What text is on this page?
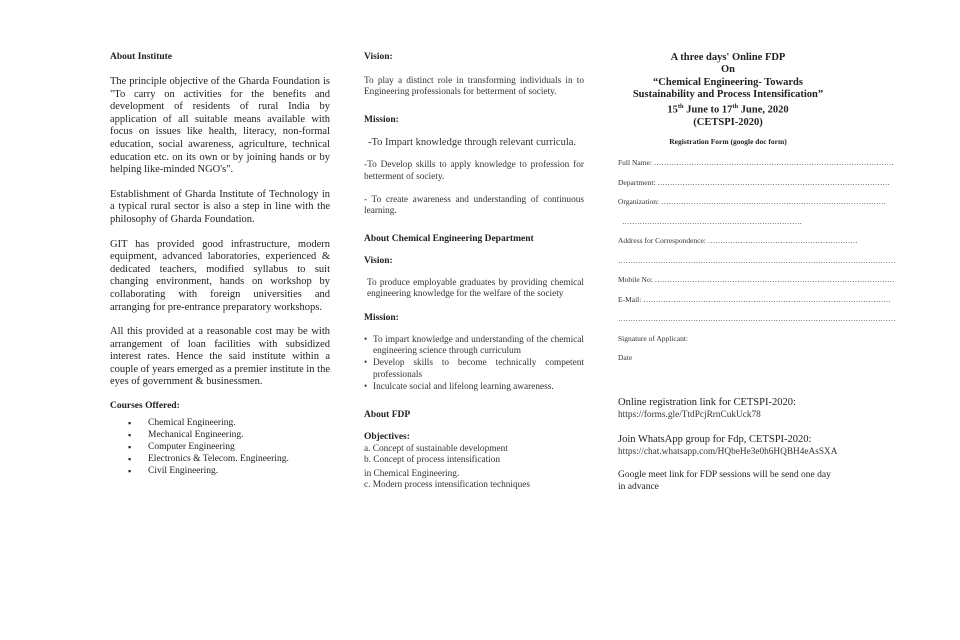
About Institute
The principle objective of the Gharda Foundation is "To carry on activities for the benefits and development of residents of rural India by application of all suitable means available with focus on issues like health, literacy, non-formal education, social awareness, agriculture, technical education etc. on its own or by joining hands or by helping like-minded NGO's".
Establishment of Gharda Institute of Technology in a typical rural sector is also a step in line with the philosophy of Gharda Foundation.
GIT has provided good infrastructure, modern equipment, advanced laboratories, experienced & dedicated teachers, modified syllabus to suit changing environment, hands on workshop by collaborating with foreign universities and arranging for pre-entrance preparatory workshops.
All this provided at a reasonable cost may be with arrangement of loan facilities with subsidized interest rates. Hence the said institute within a couple of years emerged as a premier institute in the eyes of government & businessmen.
Courses Offered:
▪ Chemical Engineering.
▪ Mechanical Engineering.
▪ Computer Engineering
▪ Electronics & Telecom. Engineering.
▪ Civil Engineering.
Vision:
To play a distinct role in transforming individuals in to Engineering professionals for betterment of society.
Mission:
-To Impart knowledge through relevant curricula.
-To Develop skills to apply knowledge to profession for betterment of society.
- To create awareness and understanding of continuous learning.
About Chemical Engineering Department
Vision:
To produce employable graduates by providing chemical engineering knowledge for the welfare of the society
Mission:
• To impart knowledge and understanding of the chemical engineering science through curriculum
• Develop skills to become technically competent professionals
• Inculcate social and lifelong learning awareness.
About FDP
Objectives:
a. Concept of sustainable development
b. Concept of process intensification
in Chemical Engineering.
c. Modern process intensification techniques
A three days' Online FDP
On
“Chemical Engineering- Towards
Sustainability and Process Intensification”
15th June to 17th June, 2020
(CETSPI-2020)
Registration Form (google doc form)
Full Name: ……………………………………………………………………………………
Department: …………………………………………………………………………………
Organization: ………………………………………………………………………………
………………………………………………………………
Address for Correspondence: ……………………………………………………
…………………………………………………………………………………………………
Mobile No: ……………………………………………………………………………………
E-Mail: ………………………………………………………………………………………
…………………………………………………………………………………………………
Signature of Applicant:
Date
Online registration link for CETSPI-2020:
https://forms.gle/TtdPcjRrnCukUck78
Join WhatsApp group for Fdp, CETSPI-2020:
https://chat.whatsapp.com/HQbeHe3e0h6HQBH4eAsSXA
Google meet link for FDP sessions will be send one day in advance
